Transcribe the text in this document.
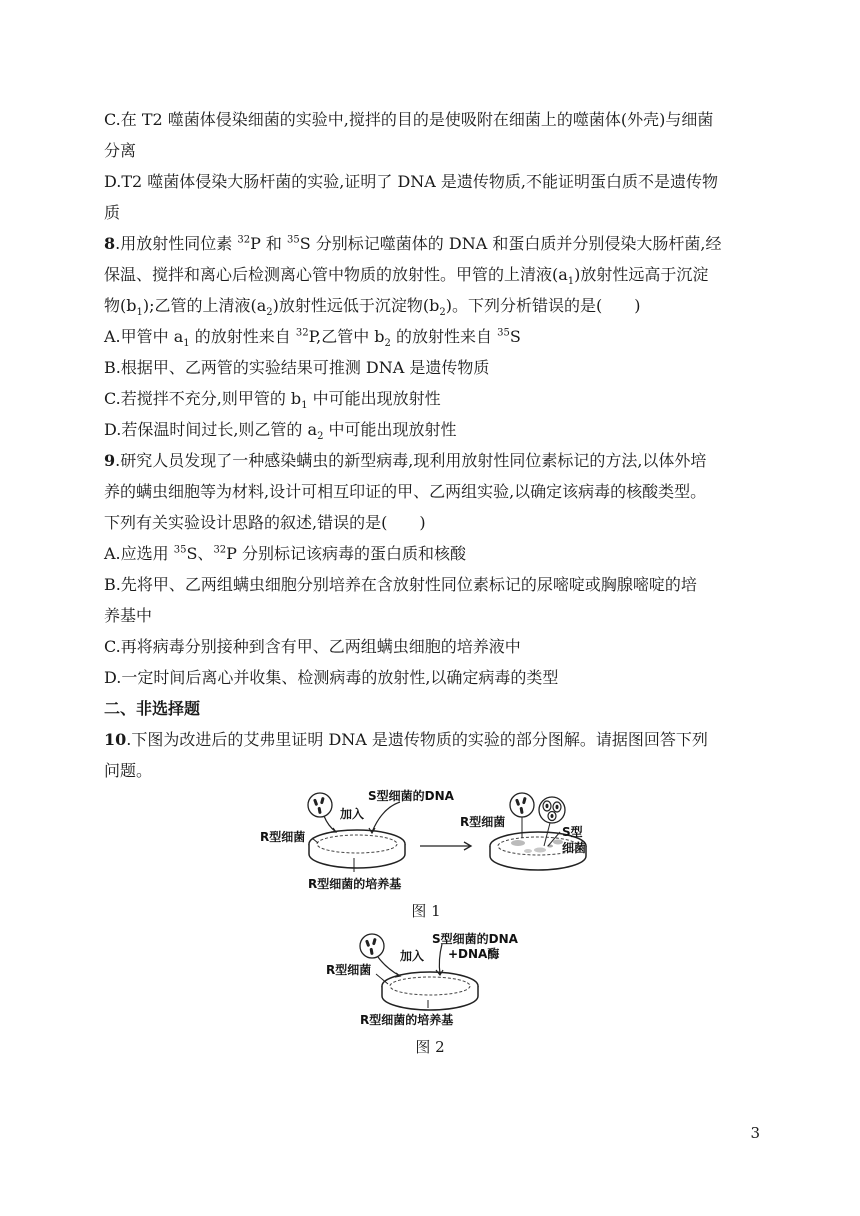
C.在 T2 噬菌体侵染细菌的实验中,搅拌的目的是使吸附在细菌上的噬菌体(外壳)与细菌

分离

D.T2 噬菌体侵染大肠杆菌的实验,证明了 DNA 是遗传物质,不能证明蛋白质不是遗传物

质

8.用放射性同位素 $^{32}$P 和 $^{35}$S 分别标记噬菌体的 DNA 和蛋白质并分别侵染大肠杆菌,经

保温、搅拌和离心后检测离心管中物质的放射性。甲管的上清液$(a_1)$放射性远高于沉淀

物$(b_1)$;乙管的上清液$(a_2)$放射性远低于沉淀物$(b_2)$。下列分析错误的是(　　)

A.甲管中 $a_1$ 的放射性来自 $^{32}$P,乙管中 $b_2$ 的放射性来自 $^{35}$S

B.根据甲、乙两管的实验结果可推测 DNA 是遗传物质

C.若搅拌不充分,则甲管的 $b_1$ 中可能出现放射性

D.若保温时间过长,则乙管的 $a_2$ 中可能出现放射性

9.研究人员发现了一种感染螨虫的新型病毒,现利用放射性同位素标记的方法,以体外培

养的螨虫细胞等为材料,设计可相互印证的甲、乙两组实验,以确定该病毒的核酸类型。

下列有关实验设计思路的叙述,错误的是(　　)

A.应选用 $^{35}$S、$^{32}$P 分别标记该病毒的蛋白质和核酸

B.先将甲、乙两组螨虫细胞分别培养在含放射性同位素标记的尿嘧啶或胸腺嘧啶的培

养基中

C.再将病毒分别接种到含有甲、乙两组螨虫细胞的培养液中

D.一定时间后离心并收集、检测病毒的放射性,以确定病毒的类型

二、非选择题

10.下图为改进后的艾弗里证明 DNA 是遗传物质的实验的部分图解。请据图回答下列

问题。

R型细菌
加入
S型细菌的DNA
R型细菌的培养基
R型细菌
S型
细菌
图 1
R型细菌
加入
S型细菌的DNA
+DNA酶
R型细菌的培养基
图 2
3
